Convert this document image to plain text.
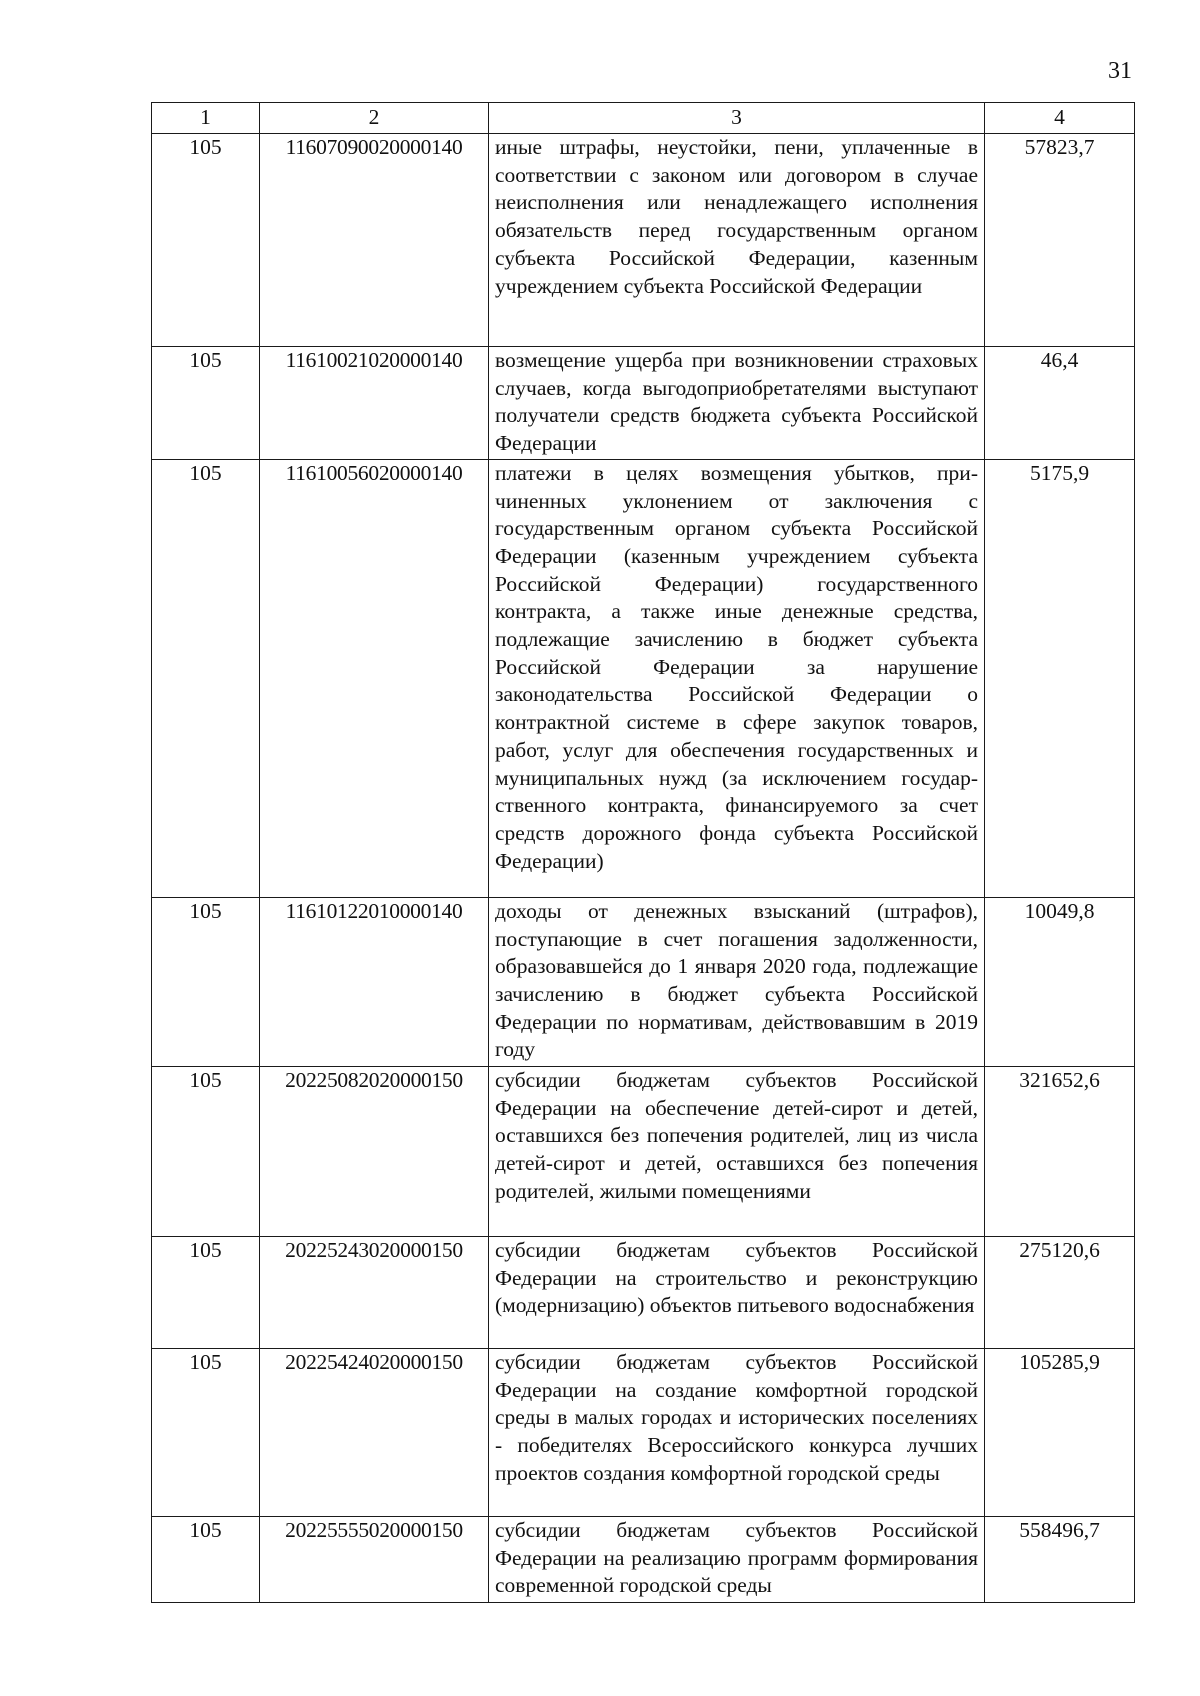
31
1	2	3	4
105	11607090020000140	иные штрафы, неустойки, пени, уплаченные в соответствии с законом или договором в случае неисполнения или ненадлежащего исполнения обязательств перед государственным органом субъекта Российской Федерации, казенным учреждением субъекта Российской Федерации	57823,7
105	11610021020000140	возмещение ущерба при возникновении страховых случаев, когда выгодоприобретателями выступают получатели средств бюджета субъекта Российской Федерации	46,4
105	11610056020000140	платежи в целях возмещения убытков, причиненных уклонением от заключения с государственным органом субъекта Российской Федерации (казенным учреждением субъекта Российской Федерации) государственного контракта, а также иные денежные средства, подлежащие зачислению в бюджет субъекта Российской Федерации за нарушение законодательства Российской Федерации о контрактной системе в сфере закупок товаров, работ, услуг для обеспечения государственных и муниципальных нужд (за исключением государственного контракта, финансируемого за счет средств дорожного фонда субъекта Российской Федерации)	5175,9
105	11610122010000140	доходы от денежных взысканий (штрафов), поступающие в счет погашения задолженности, образовавшейся до 1 января 2020 года, подлежащие зачислению в бюджет субъекта Российской Федерации по нормативам, действовавшим в 2019 году	10049,8
105	20225082020000150	субсидии бюджетам субъектов Российской Федерации на обеспечение детей-сирот и детей, оставшихся без попечения родителей, лиц из числа детей-сирот и детей, оставшихся без попечения родителей, жилыми помещениями	321652,6
105	20225243020000150	субсидии бюджетам субъектов Российской Федерации на строительство и реконструкцию (модернизацию) объектов питьевого водоснабжения	275120,6
105	20225424020000150	субсидии бюджетам субъектов Российской Федерации на создание комфортной городской среды в малых городах и исторических поселениях - победителях Всероссийского конкурса лучших проектов создания комфортной городской среды	105285,9
105	20225555020000150	субсидии бюджетам субъектов Российской Федерации на реализацию программ формирования современной городской среды	558496,7
